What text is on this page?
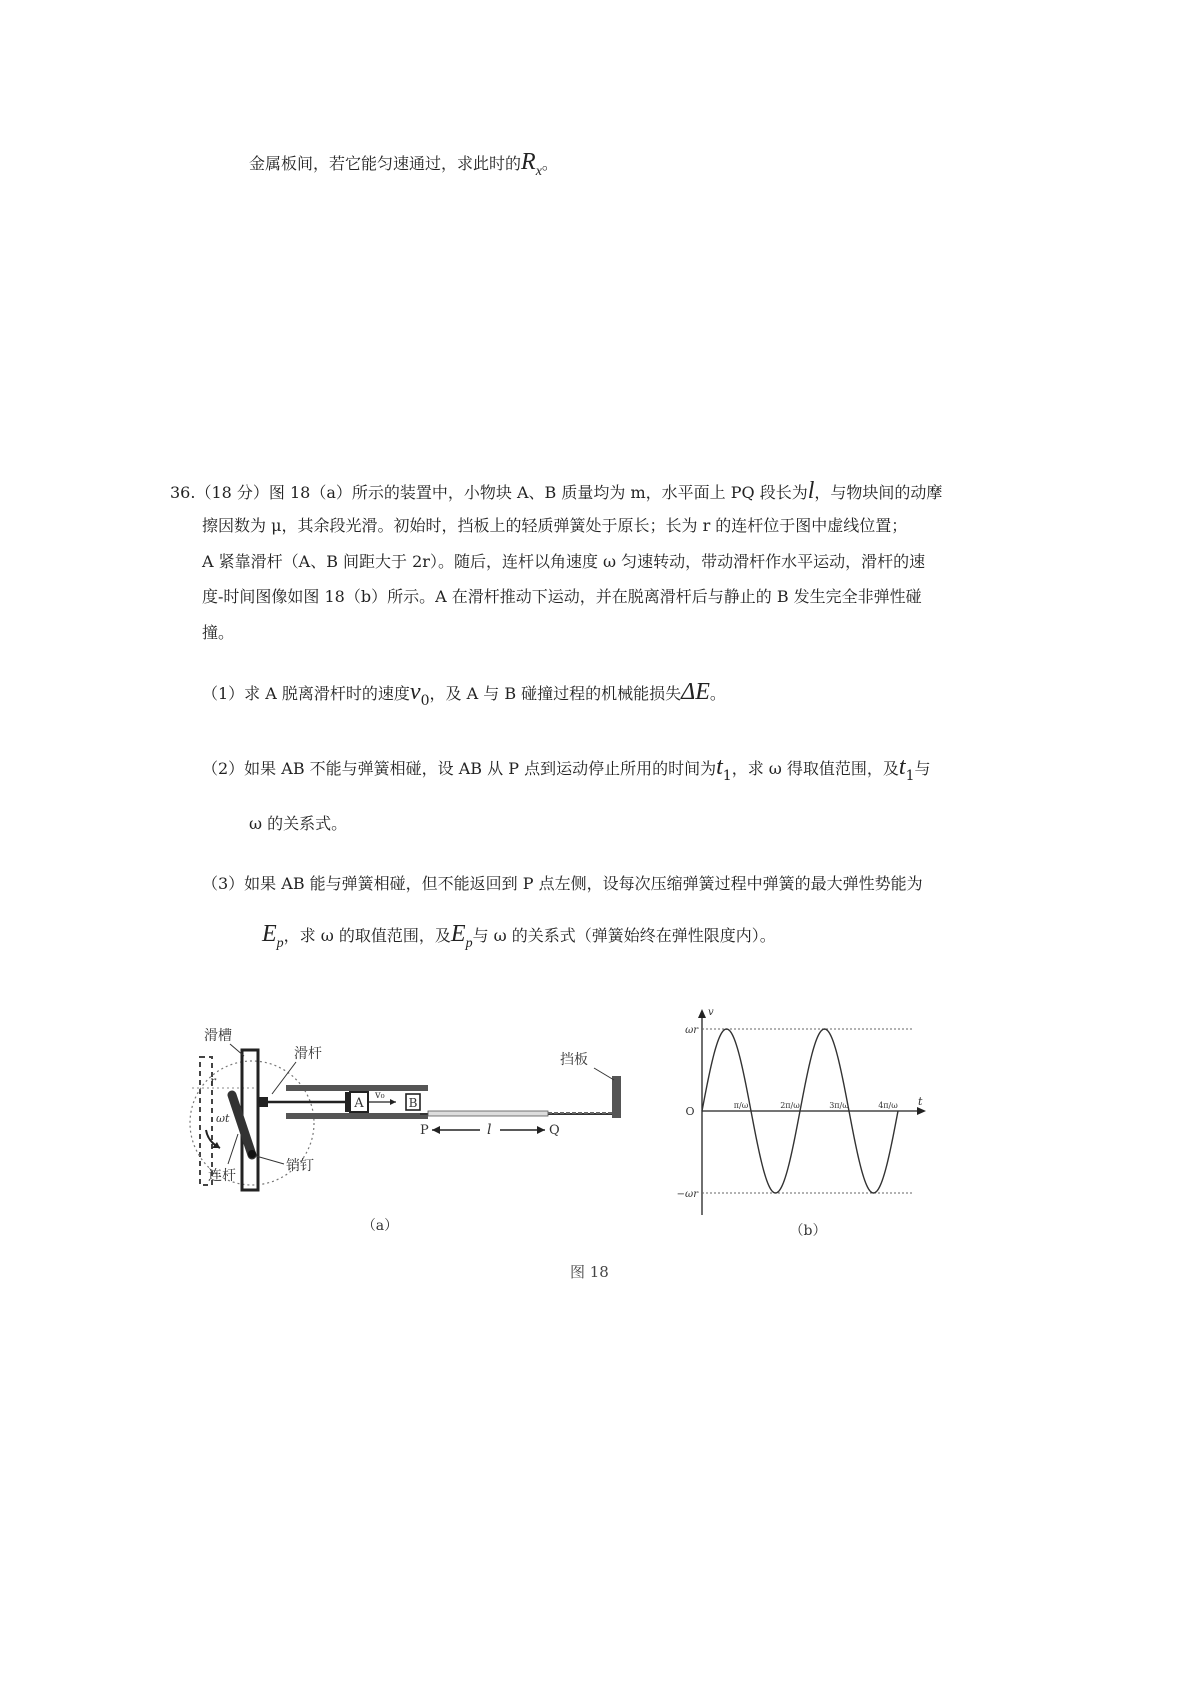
金属板间，若它能匀速通过，求此时的Rx。
36.（18 分）图 18（a）所示的装置中，小物块 A、B 质量均为 m，水平面上 PQ 段长为l，与物块间的动摩
擦因数为 μ，其余段光滑。初始时，挡板上的轻质弹簧处于原长；长为 r 的连杆位于图中虚线位置；
A 紧靠滑杆（A、B 间距大于 2r）。随后，连杆以角速度 ω 匀速转动，带动滑杆作水平运动，滑杆的速
度-时间图像如图 18（b）所示。A 在滑杆推动下运动，并在脱离滑杆后与静止的 B 发生完全非弹性碰
撞。
（1）求 A 脱离滑杆时的速度v0，及 A 与 B 碰撞过程的机械能损失ΔE。
（2）如果 AB 不能与弹簧相碰，设 AB 从 P 点到运动停止所用的时间为t1，求 ω 得取值范围，及t1与
ω 的关系式。
（3）如果 AB 能与弹簧相碰，但不能返回到 P 点左侧，设每次压缩弹簧过程中弹簧的最大弹性势能为
Ep，求 ω 的取值范围，及Ep与 ω 的关系式（弹簧始终在弹性限度内）。
A
v₀
B
P	Q
l
滑槽
滑杆	挡板
连杆
销钉
r
ωt
（a）
v
t
O
ωr
−ωr
π/ω	2π/ω	3π/ω	4π/ω
（b）
图 18
